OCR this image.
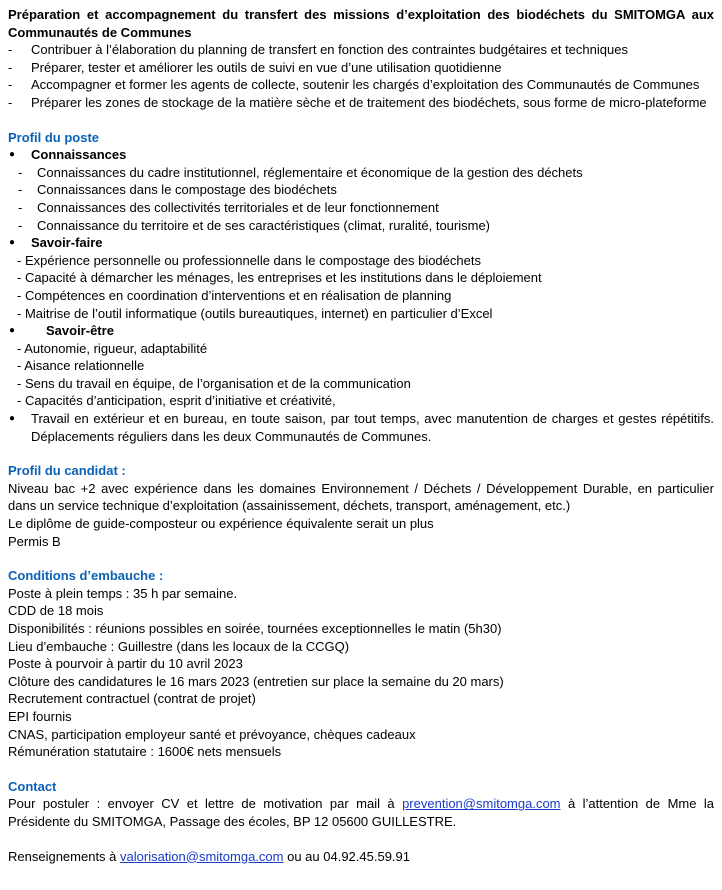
Préparation et accompagnement du transfert des missions d’exploitation des biodéchets du SMITOMGA aux Communautés de Communes
- Contribuer à l’élaboration du planning de transfert en fonction des contraintes budgétaires et techniques
- Préparer, tester et améliorer les outils de suivi en vue d’une utilisation quotidienne
- Accompagner et former les agents de collecte, soutenir les chargés d’exploitation des Communautés de Communes
- Préparer les zones de stockage de la matière sèche et de traitement des biodéchets, sous forme de micro-plateforme
Profil du poste
● Connaissances
- Connaissances du cadre institutionnel, réglementaire et économique de la gestion des déchets
- Connaissances dans le compostage des biodéchets
- Connaissances des collectivités territoriales et de leur fonctionnement
- Connaissance du territoire et de ses caractéristiques (climat, ruralité, tourisme)
● Savoir-faire
- Expérience personnelle ou professionnelle dans le compostage des biodéchets
- Capacité à démarcher les ménages, les entreprises et les institutions dans le déploiement
- Compétences en coordination d’interventions et en réalisation de planning
- Maitrise de l’outil informatique (outils bureautiques, internet) en particulier d’Excel
● Savoir-être
- Autonomie, rigueur, adaptabilité
- Aisance relationnelle
- Sens du travail en équipe, de l’organisation et de la communication
- Capacités d’anticipation, esprit d’initiative et créativité,
● Travail en extérieur et en bureau, en toute saison, par tout temps, avec manutention de charges et gestes répétitifs. Déplacements réguliers dans les deux Communautés de Communes.
Profil du candidat :
Niveau bac +2 avec expérience dans les domaines Environnement / Déchets / Développement Durable, en particulier dans un service technique d’exploitation (assainissement, déchets, transport, aménagement, etc.)
Le diplôme de guide-composteur ou expérience équivalente serait un plus
Permis B
Conditions d’embauche :
Poste à plein temps : 35 h par semaine.
CDD de 18 mois
Disponibilités : réunions possibles en soirée, tournées exceptionnelles le matin (5h30)
Lieu d’embauche : Guillestre (dans les locaux de la CCGQ)
Poste à pourvoir à partir du 10 avril 2023
Clôture des candidatures le 16 mars 2023 (entretien sur place la semaine du 20 mars)
Recrutement contractuel (contrat de projet)
EPI fournis
CNAS, participation employeur santé et prévoyance, chèques cadeaux
Rémunération statutaire : 1600€ nets mensuels
Contact
Pour postuler : envoyer CV et lettre de motivation par mail à prevention@smitomga.com à l’attention de Mme la Présidente du SMITOMGA, Passage des écoles, BP 12 05600 GUILLESTRE.
Renseignements à valorisation@smitomga.com ou au 04.92.45.59.91
